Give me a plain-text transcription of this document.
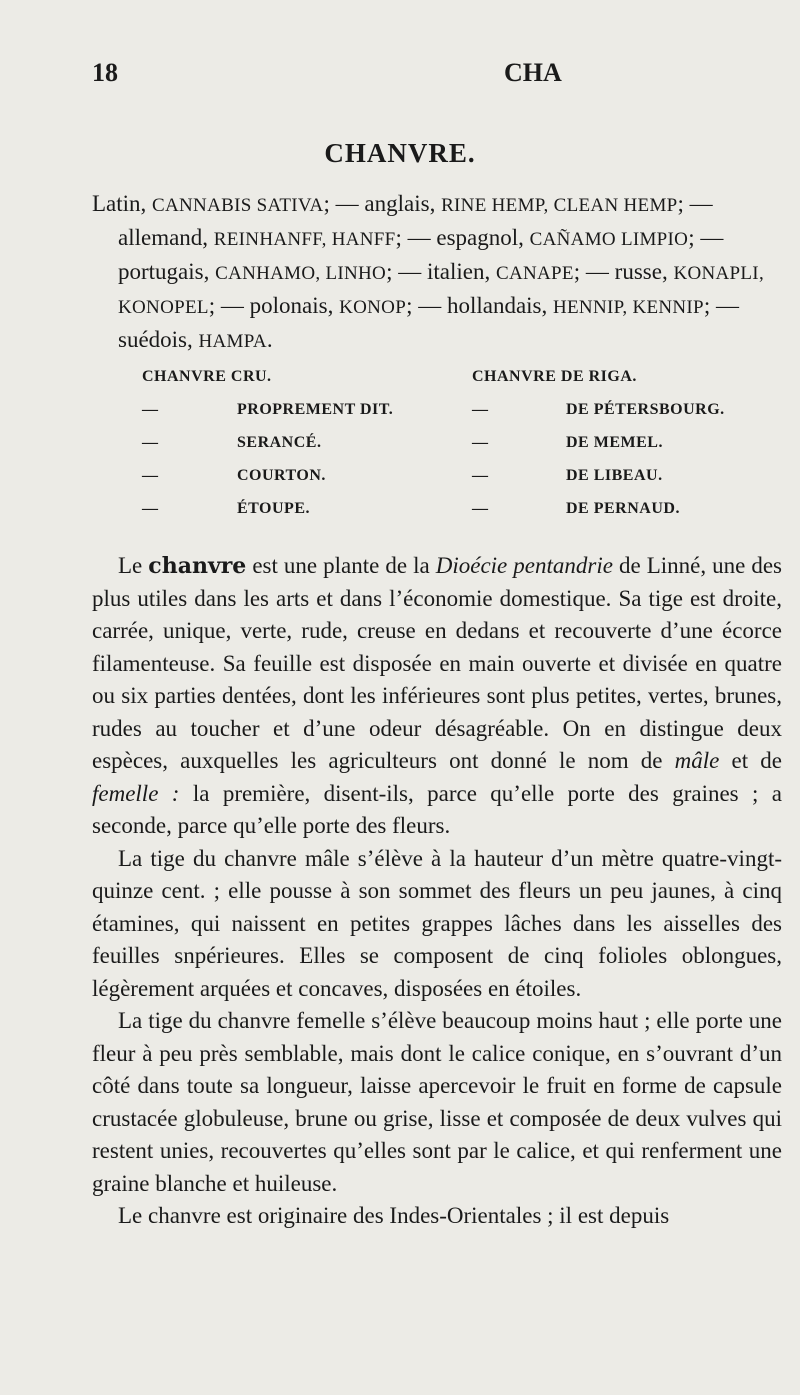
18	CHA
CHANVRE.
Latin, CANNABIS SATIVA; — anglais, RINE HEMP, CLEAN HEMP; — allemand, REINHANFF, HANFF; — espagnol, CAÑAMO LIMPIO; — portugais, CANHAMO, LINHO; — italien, CANAPE; — russe, KONAPLI, KONOPEL; — polonais, KONOP; — hollandais, HENNIP, KENNIP; — suédois, HAMPA.
CHANVRE CRU.	CHANVRE DE RIGA.
—	PROPREMENT DIT.	—	DE PÉTERSBOURG.
—	SERANCÉ.	—	DE MEMEL.
—	COURTON.	—	DE LIBEAU.
—	ÉTOUPE.	—	DE PERNAUD.

Le chanvre est une plante de la Dioécie pentandrie de Linné, une des plus utiles dans les arts et dans l’économie domestique. Sa tige est droite, carrée, unique, verte, rude, creuse en dedans et recouverte d’une écorce filamenteuse. Sa feuille est disposée en main ouverte et divisée en quatre ou six parties dentées, dont les inférieures sont plus petites, vertes, brunes, rudes au toucher et d’une odeur désagréable. On en distingue deux espèces, auxquelles les agriculteurs ont donné le nom de mâle et de femelle : la première, disent-ils, parce qu’elle porte des graines ; a seconde, parce qu’elle porte des fleurs.

La tige du chanvre mâle s’élève à la hauteur d’un mètre quatre-vingt-quinze cent. ; elle pousse à son sommet des fleurs un peu jaunes, à cinq étamines, qui naissent en petites grappes lâches dans les aisselles des feuilles snpérieures. Elles se composent de cinq folioles oblongues, légèrement arquées et concaves, disposées en étoiles.

La tige du chanvre femelle s’élève beaucoup moins haut ; elle porte une fleur à peu près semblable, mais dont le calice conique, en s’ouvrant d’un côté dans toute sa longueur, laisse apercevoir le fruit en forme de capsule crustacée globuleuse, brune ou grise, lisse et composée de deux vulves qui restent unies, recouvertes qu’elles sont par le calice, et qui renferment une graine blanche et huileuse.

Le chanvre est originaire des Indes-Orientales ; il est depuis
